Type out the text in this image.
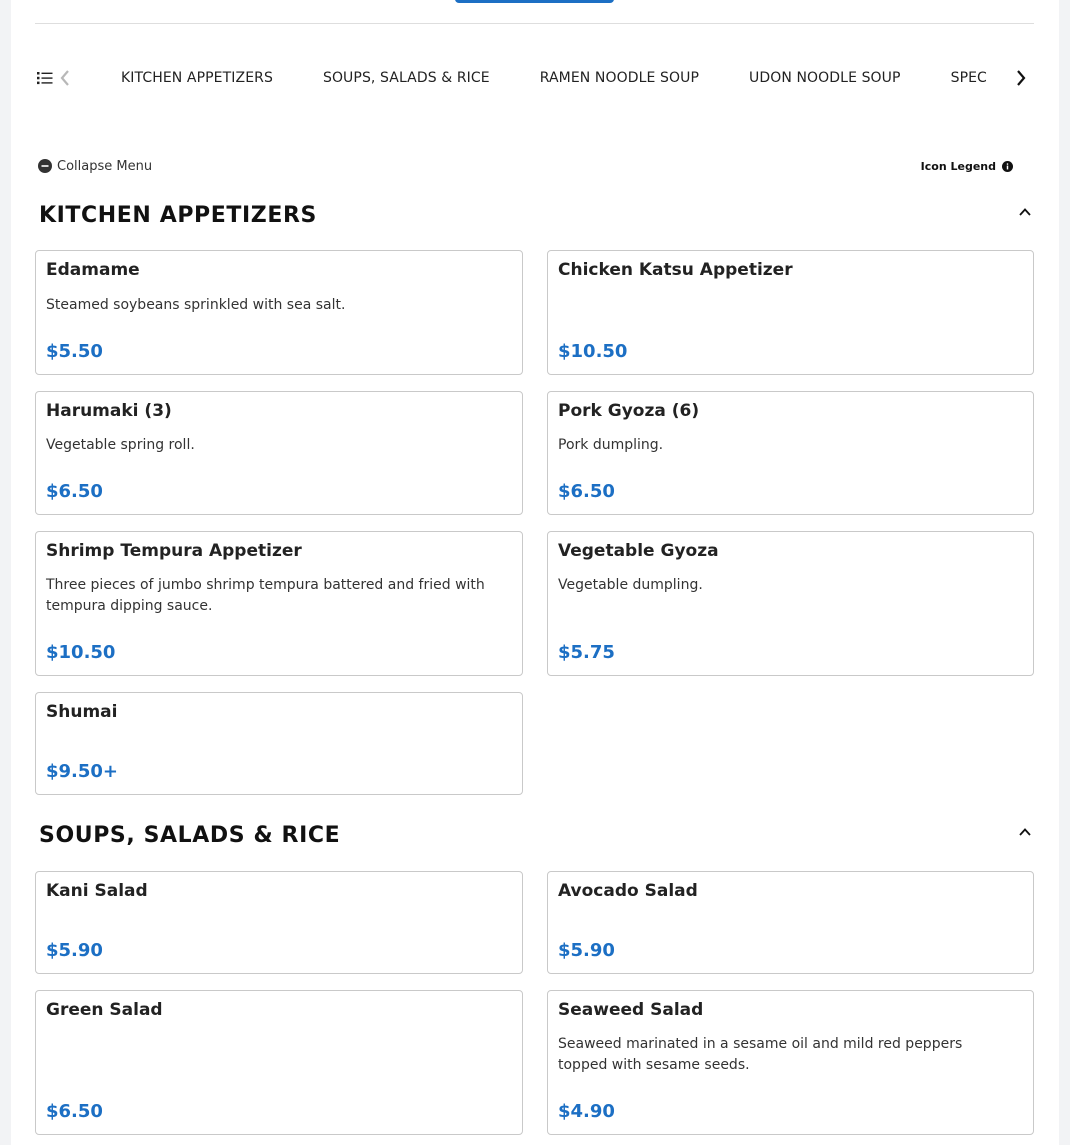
KITCHEN APPETIZERS	SOUPS, SALADS & RICE	RAMEN NOODLE SOUP	UDON NOODLE SOUP	SPEC
Collapse Menu	Icon Legend
KITCHEN APPETIZERS
Edamame
Steamed soybeans sprinkled with sea salt.
$5.50
Chicken Katsu Appetizer
$10.50
Harumaki (3)
Vegetable spring roll.
$6.50
Pork Gyoza (6)
Pork dumpling.
$6.50
Shrimp Tempura Appetizer
Three pieces of jumbo shrimp tempura battered and fried with tempura dipping sauce.
$10.50
Vegetable Gyoza
Vegetable dumpling.
$5.75
Shumai
$9.50+
SOUPS, SALADS & RICE
Kani Salad
$5.90
Avocado Salad
$5.90
Green Salad
$6.50
Seaweed Salad
Seaweed marinated in a sesame oil and mild red peppers topped with sesame seeds.
$4.90
